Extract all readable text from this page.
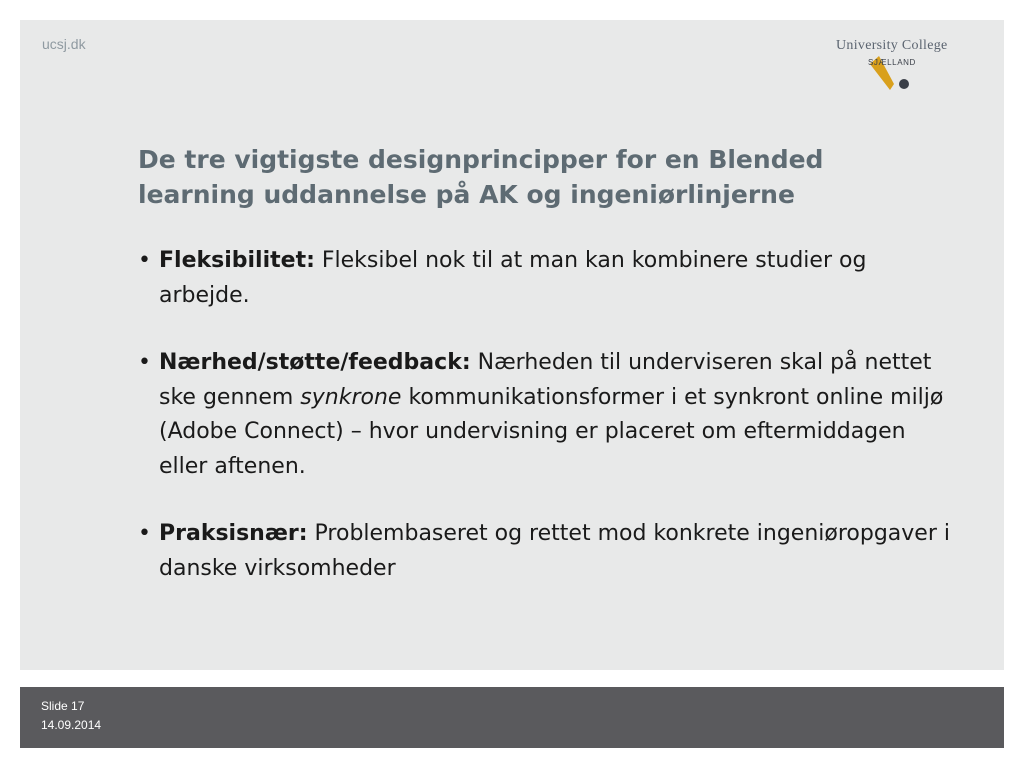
ucsj.dk	University College
SJÆLLAND
De tre vigtigste designprincipper for en Blended
learning uddannelse på AK og ingeniørlinjerne
• Fleksibilitet: Fleksibel nok til at man kan kombinere studier og arbejde.
• Nærhed/støtte/feedback: Nærheden til underviseren skal på nettet ske gennem synkrone kommunikationsformer i et synkront online miljø (Adobe Connect) – hvor undervisning er placeret om eftermiddagen eller aftenen.
• Praksisnær: Problembaseret og rettet mod konkrete ingeniøropgaver i danske virksomheder
Slide 17
14.09.2014
